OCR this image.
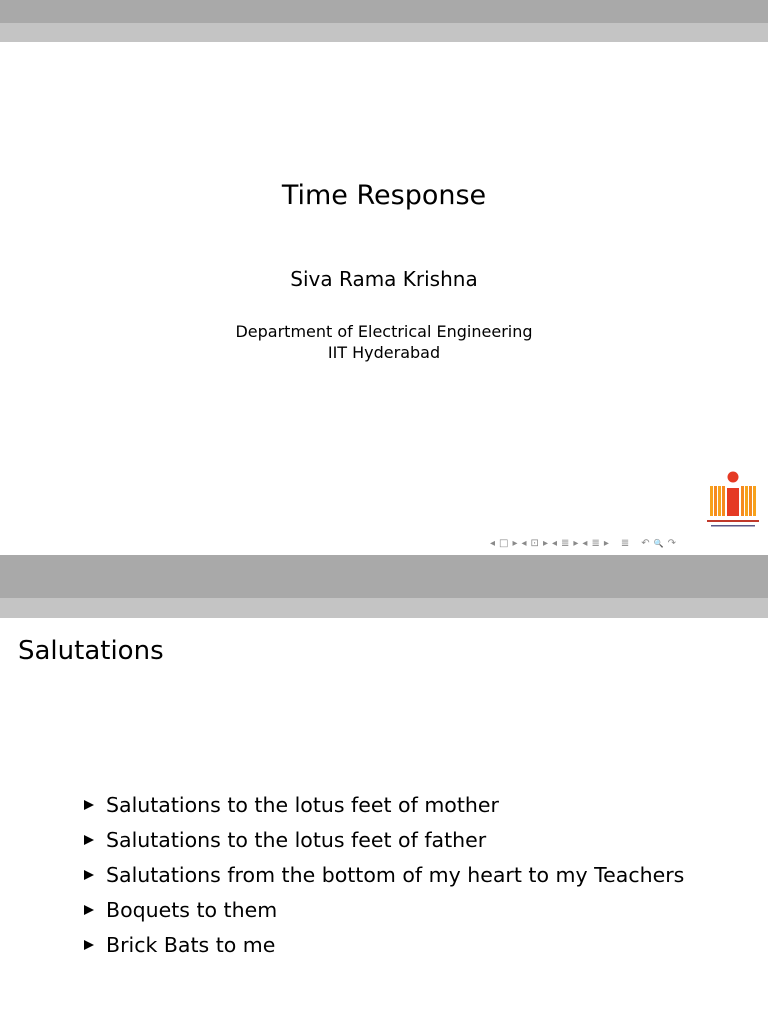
Time Response
Siva Rama Krishna
Department of Electrical Engineering
IIT Hyderabad
◂ □ ▸ ◂ ⊡ ▸ ◂ ≣ ▸ ◂ ≣ ▸ ≣ ↶ 🔍 ↷
Salutations
Salutations to the lotus feet of mother
Salutations to the lotus feet of father
Salutations from the bottom of my heart to my Teachers
Boquets to them
Brick Bats to me
